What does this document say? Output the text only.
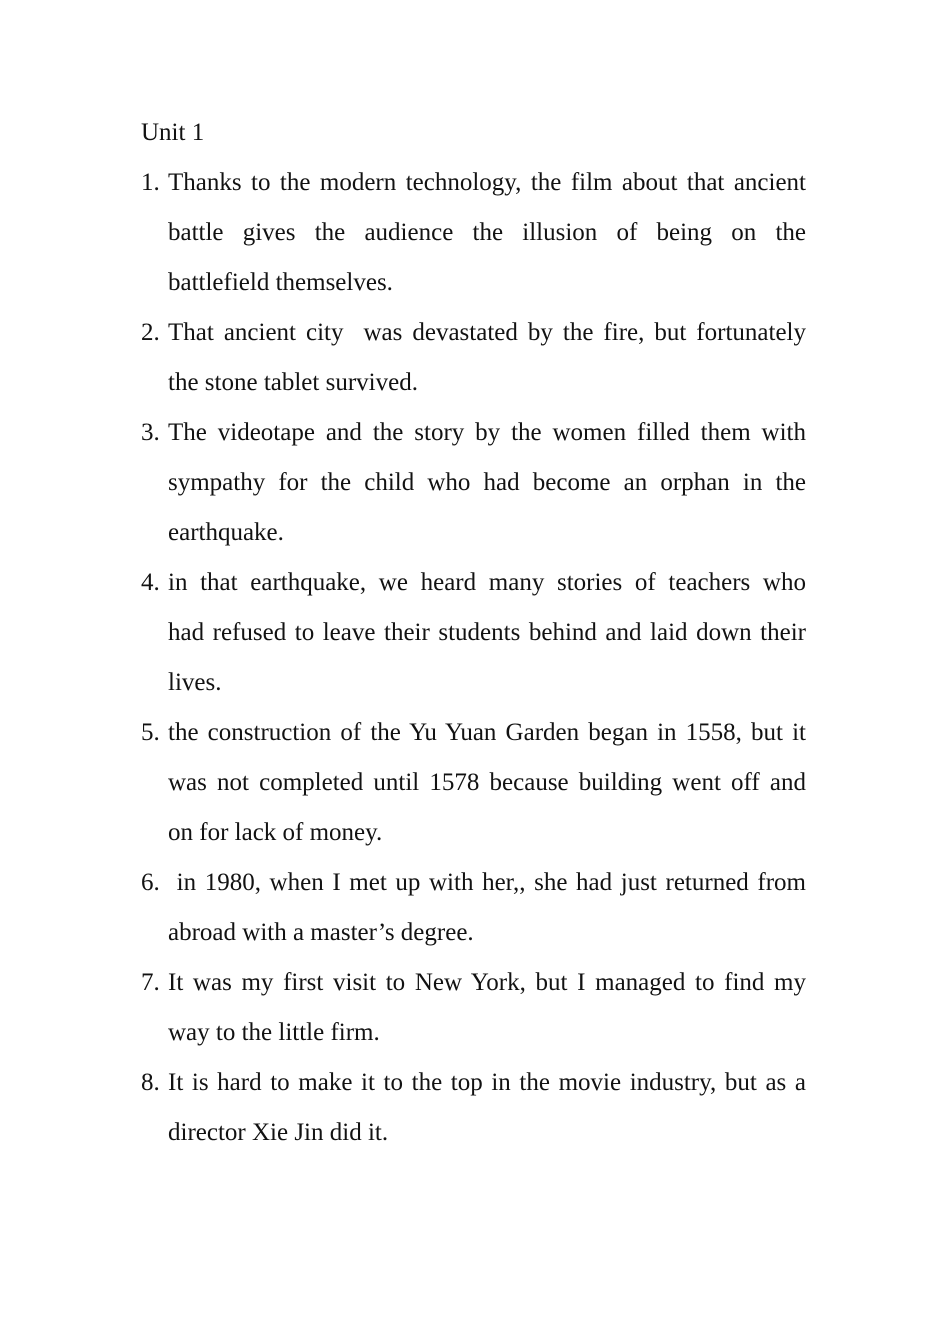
Unit 1
1. Thanks to the modern technology, the film about that ancient
battle gives the audience the illusion of being on the
battlefield themselves.
2. That ancient city  was devastated by the fire, but fortunately
the stone tablet survived.
3. The videotape and the story by the women filled them with
sympathy for the child who had become an orphan in the
earthquake.
4. in that earthquake, we heard many stories of teachers who
had refused to leave their students behind and laid down their
lives.
5. the construction of the Yu Yuan Garden began in 1558, but it
was not completed until 1578 because building went off and
on for lack of money.
6. in 1980, when I met up with her,, she had just returned from
abroad with a master’s degree.
7. It was my first visit to New York, but I managed to find my
way to the little firm.
8. It is hard to make it to the top in the movie industry, but as a
director Xie Jin did it.
